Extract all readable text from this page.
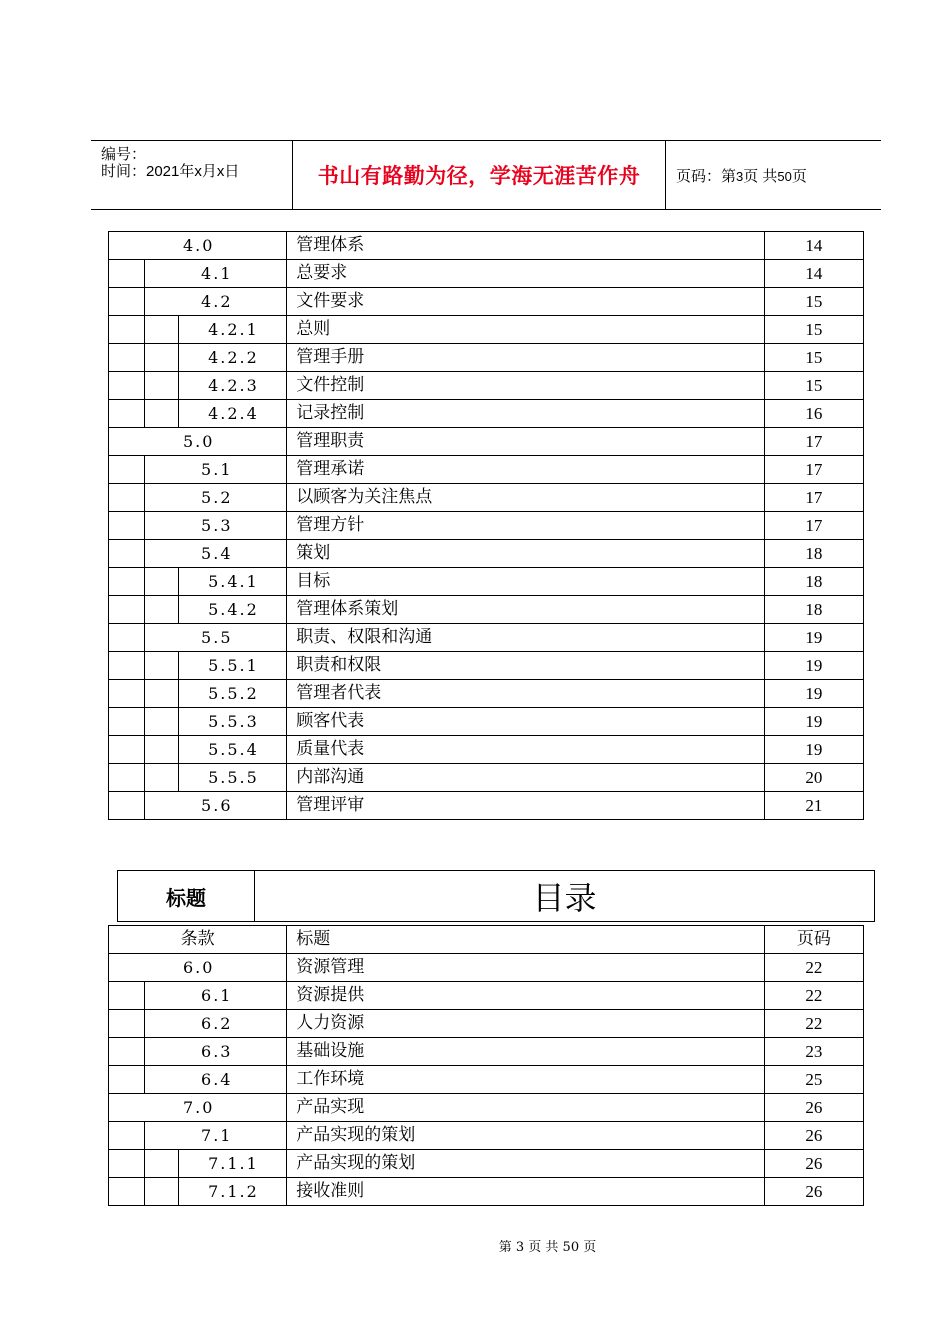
编号：
时间：2021年x月x日	书山有路勤为径，学海无涯苦作舟 页码：第3页 共50页
4.0			管理体系	14
	4.1		总要求	14
	4.2		文件要求	15
		4.2.1	总则	15
		4.2.2	管理手册	15
		4.2.3	文件控制	15
		4.2.4	记录控制	16
5.0			管理职责	17
	5.1		管理承诺	17
	5.2		以顾客为关注焦点	17
	5.3		管理方针	17
	5.4		策划	18
		5.4.1	目标	18
		5.4.2	管理体系策划	18
	5.5		职责、权限和沟通	19
		5.5.1	职责和权限	19
		5.5.2	管理者代表	19
		5.5.3	顾客代表	19
		5.5.4	质量代表	19
		5.5.5	内部沟通	20
	5.6		管理评审	21
标题	目录
条款			标题	页码
6.0			资源管理	22
	6.1		资源提供	22
	6.2		人力资源	22
	6.3		基础设施	23
	6.4		工作环境	25
7.0			产品实现	26
	7.1		产品实现的策划	26
		7.1.1	产品实现的策划	26
		7.1.2	接收准则	26
第 3 页 共 50 页
